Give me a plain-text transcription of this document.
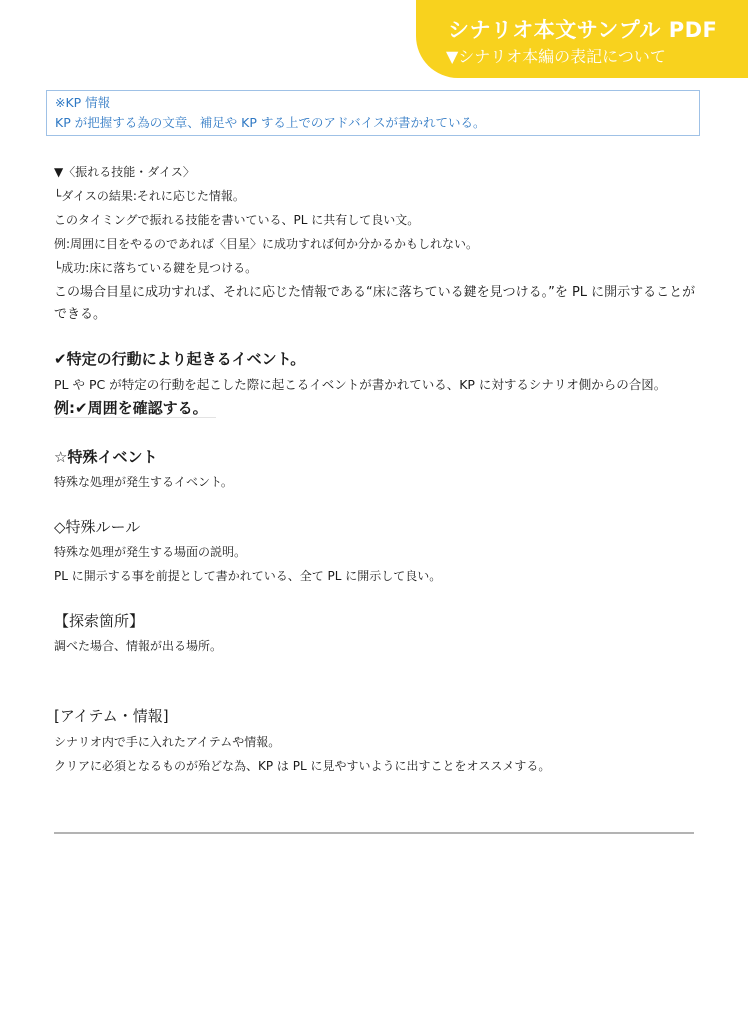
シナリオ本文サンプル PDF
▼シナリオ本編の表記について
※KP 情報
KP が把握する為の文章、補足や KP する上でのアドバイスが書かれている。
▼〈振れる技能・ダイス〉
└ダイスの結果:それに応じた情報。
このタイミングで振れる技能を書いている、PL に共有して良い文。
例:周囲に目をやるのであれば〈目星〉に成功すれば何か分かるかもしれない。
└成功:床に落ちている鍵を見つける。
この場合目星に成功すれば、それに応じた情報である“床に落ちている鍵を見つける。”を PL に開示することができる。
✔特定の行動により起きるイベント。
PL や PC が特定の行動を起こした際に起こるイベントが書かれている、KP に対するシナリオ側からの合図。
例:✔周囲を確認する。
☆特殊イベント
特殊な処理が発生するイベント。
◇特殊ルール
特殊な処理が発生する場面の説明。
PL に開示する事を前提として書かれている、全て PL に開示して良い。
【探索箇所】
調べた場合、情報が出る場所。
[アイテム・情報]
シナリオ内で手に入れたアイテムや情報。
クリアに必須となるものが殆どな為、KP は PL に見やすいように出すことをオススメする。
